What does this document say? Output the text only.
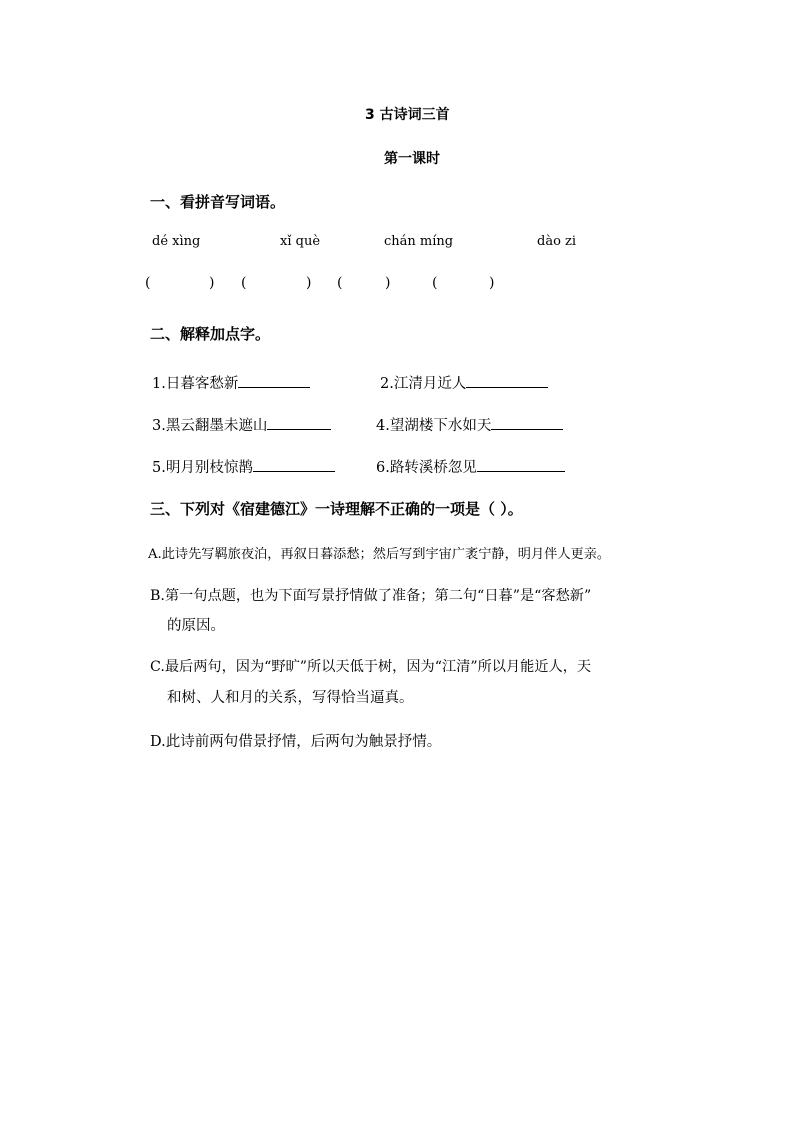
3 古诗词三首
第一课时
一、看拼音写词语。
dé xìng	xǐ què	chán míng	dào zi
(	) (	) (	)	(	)
二、解释加点字。
1.日暮客愁新	2.江清月近人
3.黑云翻墨未遮山	4.望湖楼下水如天
5.明月别枝惊鹊	6.路转溪桥忽见
三、下列对《宿建德江》一诗理解不正确的一项是（ ）。
A.此诗先写羁旅夜泊，再叙日暮添愁；然后写到宇宙广袤宁静，明月伴人更亲。
B.第一句点题，也为下面写景抒情做了准备；第二句“日暮”是“客愁新”
的原因。
C.最后两句，因为“野旷”所以天低于树，因为“江清”所以月能近人，天
和树、人和月的关系，写得恰当逼真。
D.此诗前两句借景抒情，后两句为触景抒情。
